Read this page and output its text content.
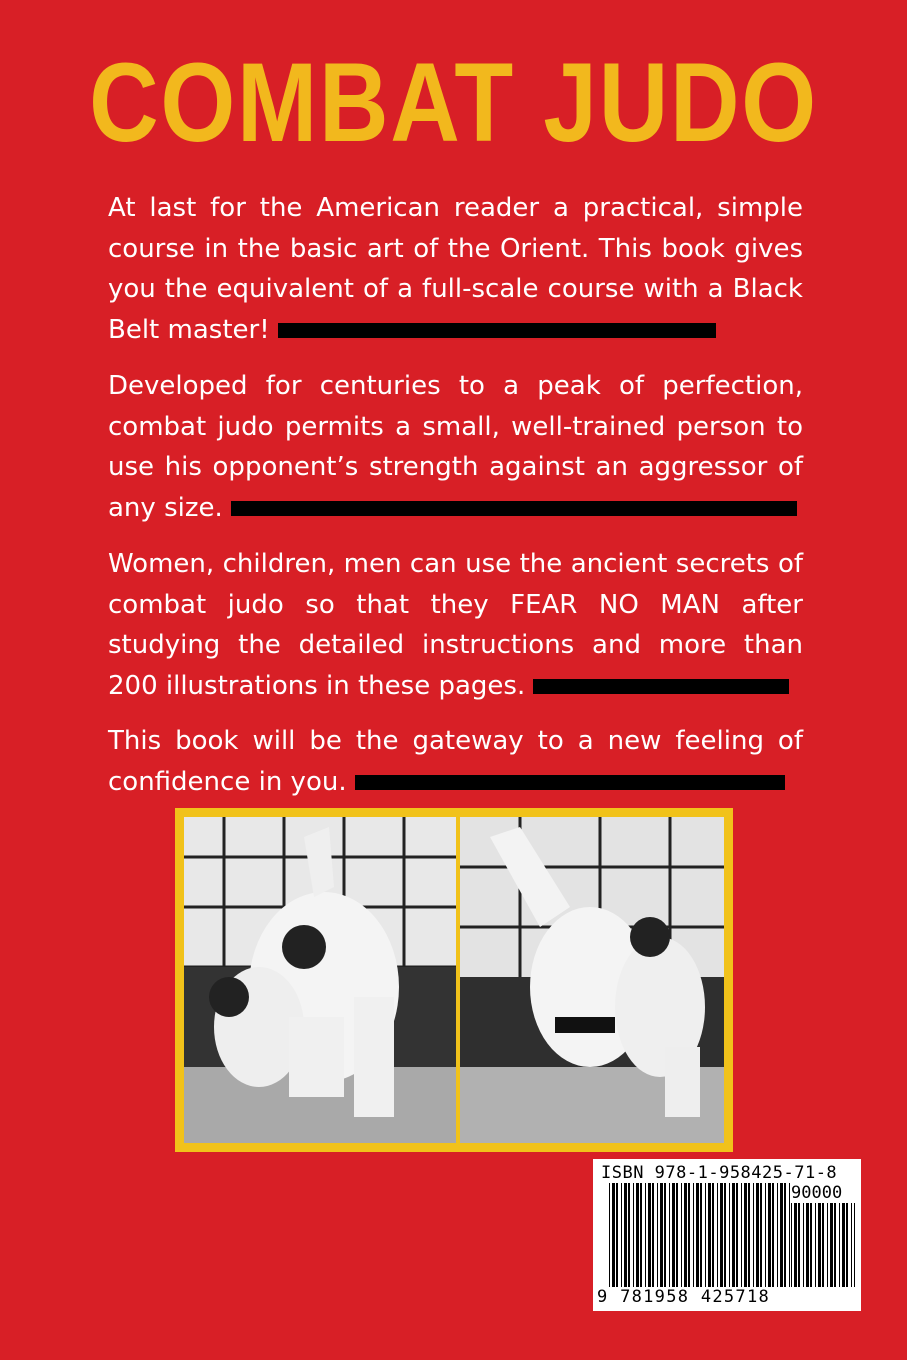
COMBAT JUDO
At last for the American reader a practical, simple course in the basic art of the Orient. This book gives you the equivalent of a full-scale course with a Black Belt master!
Developed for centuries to a peak of perfection, combat judo permits a small, well-trained person to use his opponent’s strength against an aggressor of any size.
Women, children, men can use the ancient secrets of combat judo so that they FEAR NO MAN after studying the detailed instructions and more than 200 illustrations in these pages.
This book will be the gateway to a new feeling of confidence in you.
ISBN 978-1-958425-71-8
90000
9 781958 425718
